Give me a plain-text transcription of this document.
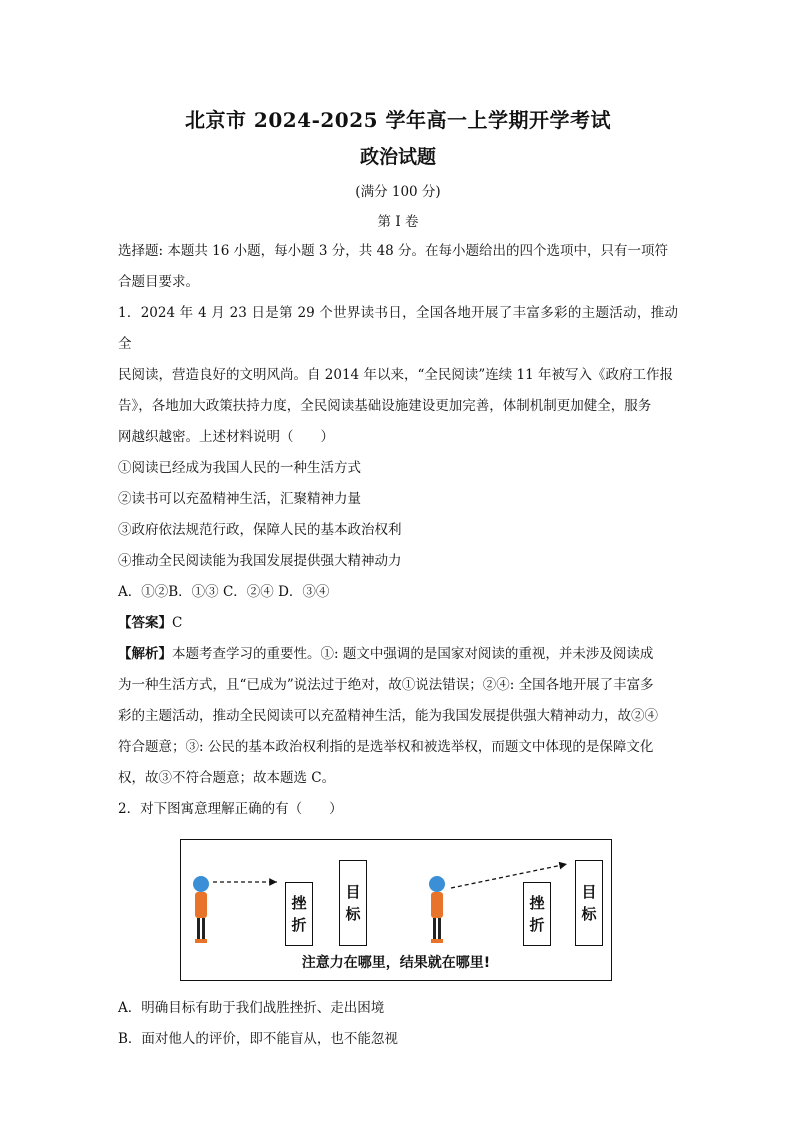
北京市 2024-2025 学年高一上学期开学考试
政治试题
(满分 100 分)
第 I 卷

选择题: 本题共 16 小题，每小题 3 分，共 48 分。在每小题给出的四个选项中，只有一项符

合题目要求。

1．2024 年 4 月 23 日是第 29 个世界读书日，全国各地开展了丰富多彩的主题活动，推动全

民阅读，营造良好的文明风尚。自 2014 年以来，“全民阅读”连续 11 年被写入《政府工作报

告》，各地加大政策扶持力度，全民阅读基础设施建设更加完善，体制机制更加健全，服务

网越织越密。上述材料说明（　　）

①阅读已经成为我国人民的一种生活方式

②读书可以充盈精神生活，汇聚精神力量

③政府依法规范行政，保障人民的基本政治权利

④推动全民阅读能为我国发展提供强大精神动力

A．①②B．①③ C．②④ D．③④

【答案】C

【解析】本题考查学习的重要性。①: 题文中强调的是国家对阅读的重视，并未涉及阅读成

为一种生活方式，且“已成为”说法过于绝对，故①说法错误；②④: 全国各地开展了丰富多

彩的主题活动，推动全民阅读可以充盈精神生活，能为我国发展提供强大精神动力，故②④

符合题意；③: 公民的基本政治权利指的是选举权和被选举权，而题文中体现的是保障文化

权，故③不符合题意；故本题选 C。

2．对下图寓意理解正确的有（　　）

挫
折
目
标
挫
折
目
标
注意力在哪里，结果就在哪里!

A．明确目标有助于我们战胜挫折、走出困境

B．面对他人的评价，即不能盲从，也不能忽视
